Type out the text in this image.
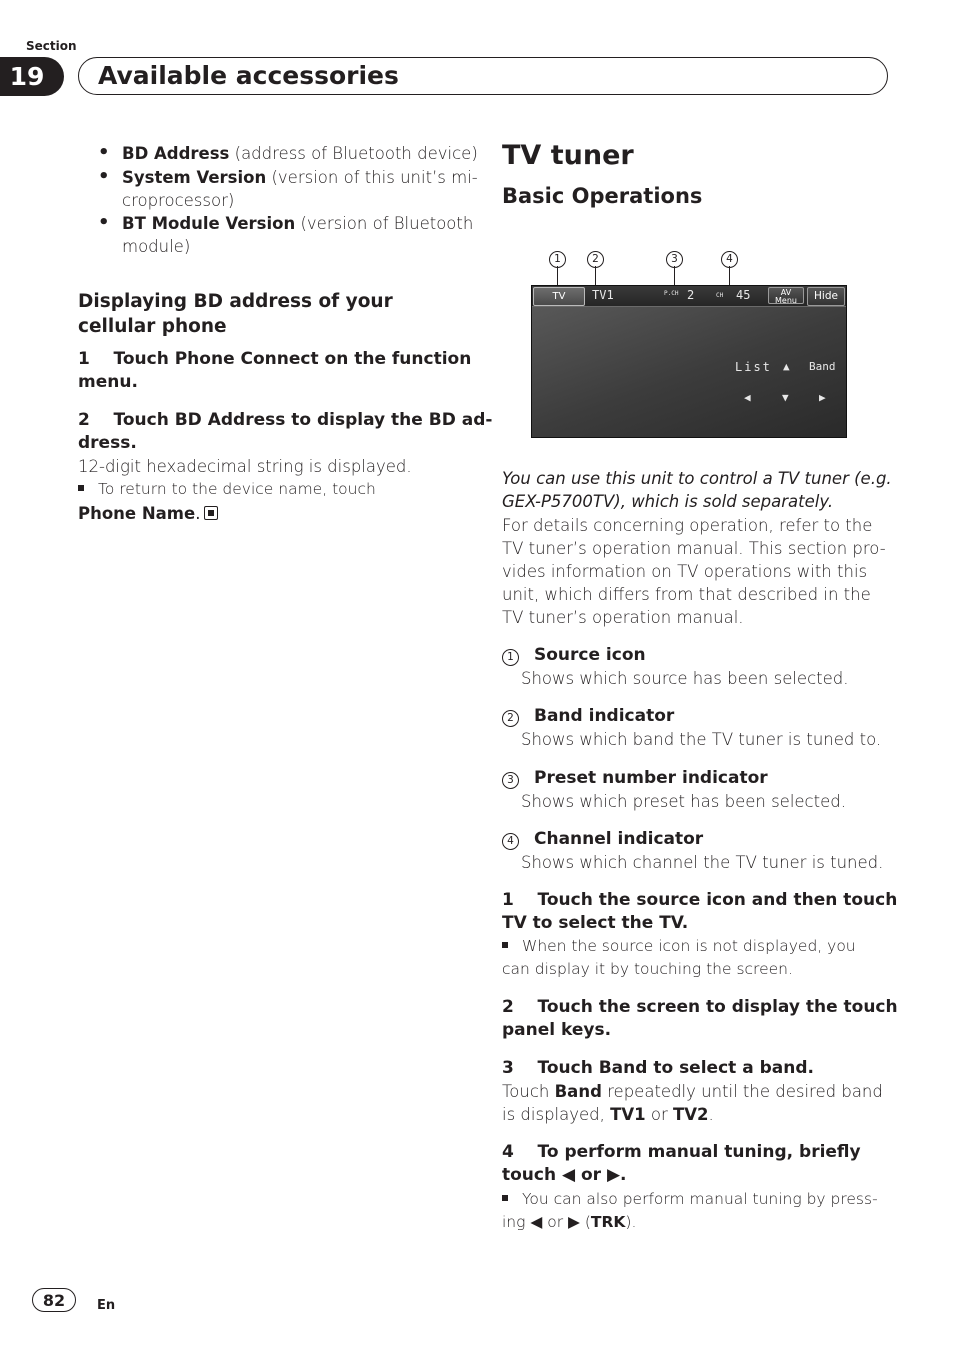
Section
19	Available accessories
• BD Address (address of Bluetooth device)
• System Version (version of this unit’s mi-
croprocessor)
• BT Module Version (version of Bluetooth
module)
Displaying BD address of your
cellular phone
1    Touch Phone Connect on the function
menu.
2    Touch BD Address to display the BD ad-
dress.
12-digit hexadecimal string is displayed.
To return to the device name, touch
Phone Name.
TV tuner
Basic Operations
1	2	3	4
TV	TV1	P.CH 2	CH 45	AV
Menu	Hide
List ▲ Band
◀	▼	▶
You can use this unit to control a TV tuner (e.g.
GEX-P5700TV), which is sold separately.
For details concerning operation, refer to the
TV tuner’s operation manual. This section pro-
vides information on TV operations with this
unit, which differs from that described in the
TV tuner’s operation manual.
1 Source icon
Shows which source has been selected.
2 Band indicator
Shows which band the TV tuner is tuned to.
3 Preset number indicator
Shows which preset has been selected.
4 Channel indicator
Shows which channel the TV tuner is tuned.
1    Touch the source icon and then touch
TV to select the TV.
When the source icon is not displayed, you
can display it by touching the screen.
2    Touch the screen to display the touch
panel keys.
3    Touch Band to select a band.
Touch Band repeatedly until the desired band
is displayed, TV1 or TV2.
4    To perform manual tuning, briefly
touch ◀ or ▶.
You can also perform manual tuning by press-
ing ◀ or ▶ (TRK).
82	En
